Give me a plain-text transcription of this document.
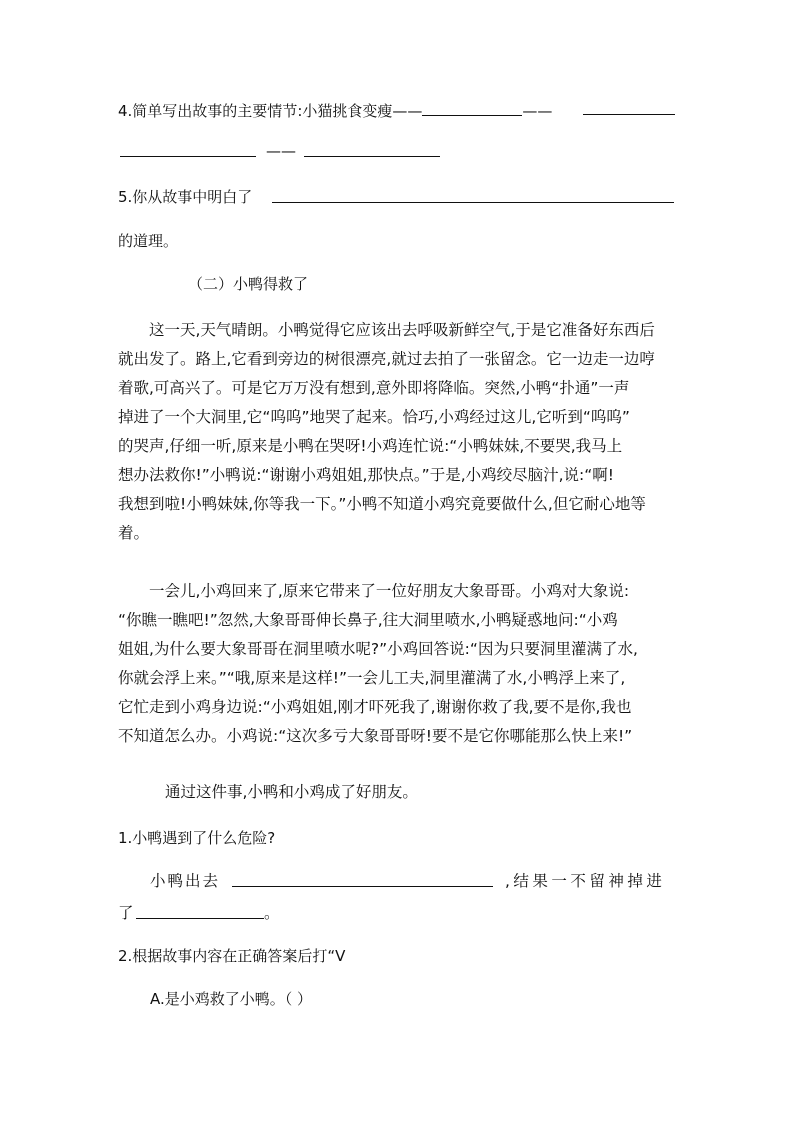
4.简单写出故事的主要情节:小猫挑食变瘦——	——
——
5.你从故事中明白了
的道理。
（二）小鸭得救了
这一天,天气晴朗。小鸭觉得它应该出去呼吸新鲜空气,于是它准备好东西后
就出发了。路上,它看到旁边的树很漂亮,就过去拍了一张留念。它一边走一边哼
着歌,可高兴了。可是它万万没有想到,意外即将降临。突然,小鸭“扑通”一声
掉进了一个大洞里,它“呜呜”地哭了起来。恰巧,小鸡经过这儿,它听到“呜呜”
的哭声,仔细一听,原来是小鸭在哭呀!小鸡连忙说:“小鸭妹妹,不要哭,我马上
想办法救你!”小鸭说:“谢谢小鸡姐姐,那快点。”于是,小鸡绞尽脑汁,说:“啊!
我想到啦!小鸭妹妹,你等我一下。”小鸭不知道小鸡究竟要做什么,但它耐心地等
着。
一会儿,小鸡回来了,原来它带来了一位好朋友大象哥哥。小鸡对大象说:
“你瞧一瞧吧!”忽然,大象哥哥伸长鼻子,往大洞里喷水,小鸭疑惑地问:“小鸡
姐姐,为什么要大象哥哥在洞里喷水呢?”小鸡回答说:“因为只要洞里灌满了水,
你就会浮上来。”“哦,原来是这样!”一会儿工夫,洞里灌满了水,小鸭浮上来了,
它忙走到小鸡身边说:“小鸡姐姐,刚才吓死我了,谢谢你救了我,要不是你,我也
不知道怎么办。小鸡说:“这次多亏大象哥哥呀!要不是它你哪能那么快上来!”
通过这件事,小鸭和小鸡成了好朋友。
1.小鸭遇到了什么危险?
小鸭出去	,结果一不留神掉进
了	。
2.根据故事内容在正确答案后打“V
A.是小鸡救了小鸭。（ ）
